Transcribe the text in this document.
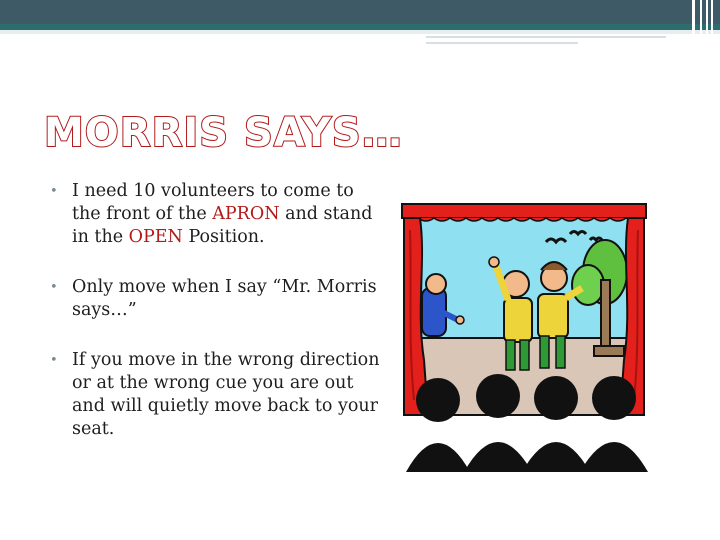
MORRIS SAYS…
• I need 10 volunteers to come to the front of the APRON and stand in the OPEN Position.
• Only move when I say “Mr. Morris says…”
• If you move in the wrong direction or at the wrong cue you are out and will quietly move back to your seat.
